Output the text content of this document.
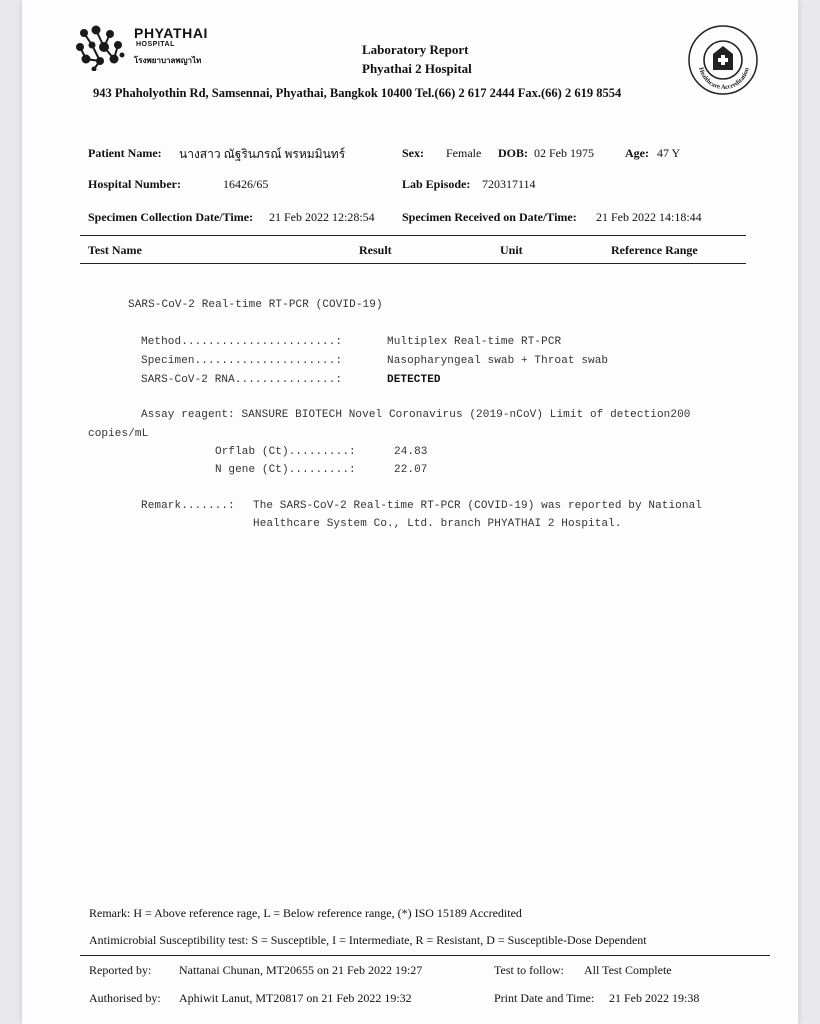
PHYATHAI
HOSPITAL
โรงพยาบาลพญาไท
Laboratory Report
Phyathai 2 Hospital	Healthcare Accreditation
943 Phaholyothin Rd, Samsennai, Phyathai, Bangkok 10400 Tel.(66) 2 617 2444 Fax.(66) 2 619 8554
Patient Name: นางสาว ณัฐรินภรณ์ พรหมมินทร์	Sex: Female DOB: 02 Feb 1975	Age: 47 Y
Hospital Number:	16426/65	Lab Episode: 720317114
Specimen Collection Date/Time: 21 Feb 2022 12:28:54 Specimen Received on Date/Time: 21 Feb 2022 14:18:44
Test Name	Result	Unit	Reference Range
SARS-CoV-2 Real-time RT-PCR (COVID-19)
Method.......................:	Multiplex Real-time RT-PCR
Specimen.....................:	Nasopharyngeal swab + Throat swab
SARS-CoV-2 RNA...............:	DETECTED
Assay reagent: SANSURE BIOTECH Novel Coronavirus (2019-nCoV) Limit of detection200
copies/mL
Orflab (Ct).........:	24.83
N gene (Ct).........:	22.07
Remark.......: The SARS-CoV-2 Real-time RT-PCR (COVID-19) was reported by National
Healthcare System Co., Ltd. branch PHYATHAI 2 Hospital.
Remark: H = Above reference rage, L = Below reference range, (*) ISO 15189 Accredited
Antimicrobial Susceptibility test: S = Susceptible, I = Intermediate, R = Resistant, D = Susceptible-Dose Dependent
Reported by: Nattanai Chunan, MT20655 on 21 Feb 2022 19:27	Test to follow: All Test Complete
Authorised by: Aphiwit Lanut, MT20817 on 21 Feb 2022 19:32	Print Date and Time: 21 Feb 2022 19:38
